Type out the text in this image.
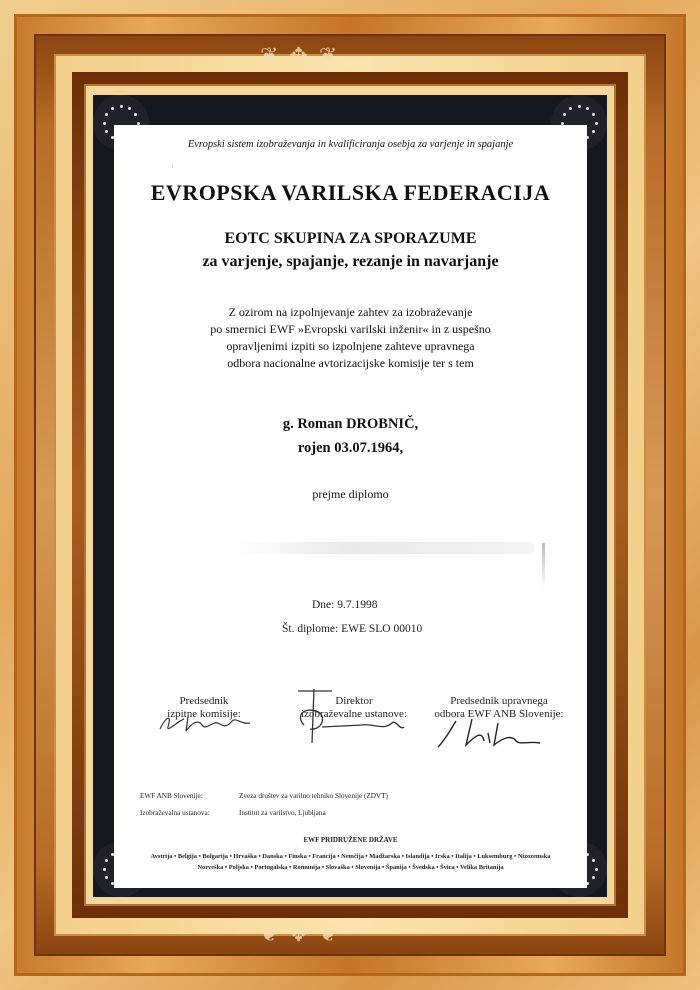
❦ ✥ ❦
❦ ✥ ❦
·
Evropski sistem izobraževanja in kvalificiranja osebja za varjenje in spajanje
EVROPSKA VARILSKA FEDERACIJA
EOTC SKUPINA ZA SPORAZUME
za varjenje, spajanje, rezanje in navarjanje
Z ozirom na izpolnjevanje zahtev za izobraževanje
po smernici EWF »Evropski varilski inženir« in z uspešno
opravljenimi izpiti so izpolnjene zahteve upravnega
odbora nacionalne avtorizacijske komisije ter s tem
g. Roman DROBNIČ,
rojen 03.07.1964,
prejme diplomo
Dne: 9.7.1998
Št. diplome: EWE SLO 00010
Predsednik
izpitne komisije:
Direktor
izobraževalne ustanove:
Predsednik upravnega
odbora EWF ANB Slovenije:
EWF ANB Slovenije:	Zveza društev za varilno tehniko Slovenije (ZDVT)
Izobraževalna ustanova:	Institut za varilstvo, Ljubljana
EWF PRIDRUŽENE DRŽAVE
Avstrija • Belgija • Bolgarija • Hrvaška • Danska • Finska • Francija • Nemčija • Madžarska • Islandija • Irska • Italija • Luksemburg • Nizozemska
Norveška • Poljska • Portugalska • Romunija • Slovaška • Slovenija • Španija • Švedska • Švica • Velika Britanija
